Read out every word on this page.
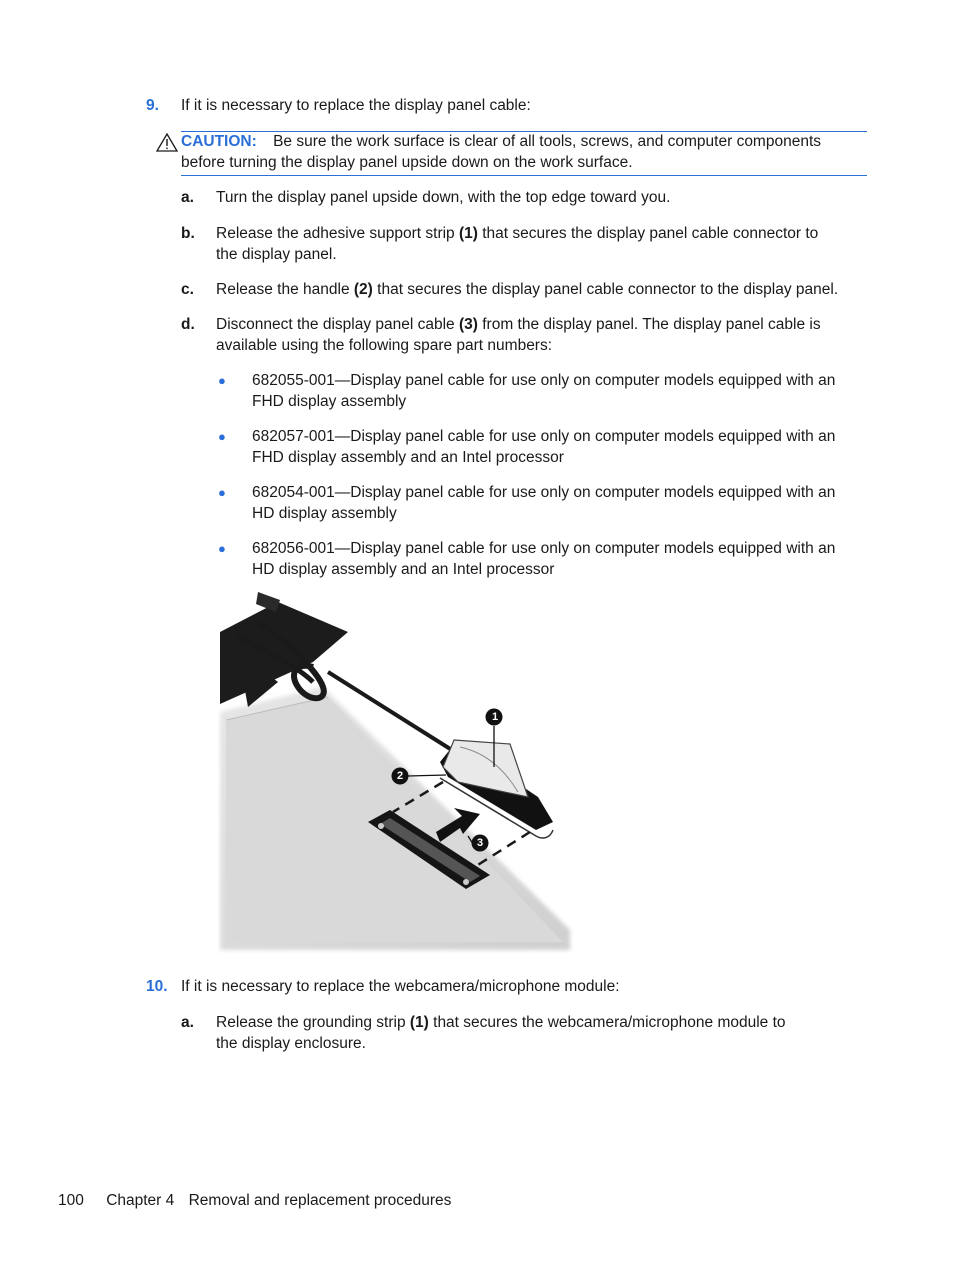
9. If it is necessary to replace the display panel cable:
CAUTION: Be sure the work surface is clear of all tools, screws, and computer components
before turning the display panel upside down on the work surface.
a. Turn the display panel upside down, with the top edge toward you.
b. Release the adhesive support strip (1) that secures the display panel cable connector to
the display panel.
c. Release the handle (2) that secures the display panel cable connector to the display panel.
d. Disconnect the display panel cable (3) from the display panel. The display panel cable is
available using the following spare part numbers:
● 682055-001—Display panel cable for use only on computer models equipped with an
FHD display assembly
● 682057-001—Display panel cable for use only on computer models equipped with an
FHD display assembly and an Intel processor
● 682054-001—Display panel cable for use only on computer models equipped with an
HD display assembly
● 682056-001—Display panel cable for use only on computer models equipped with an
HD display assembly and an Intel processor
1
2
3
10. If it is necessary to replace the webcamera/microphone module:
a. Release the grounding strip (1) that secures the webcamera/microphone module to
the display enclosure.
100 Chapter 4 Removal and replacement procedures
